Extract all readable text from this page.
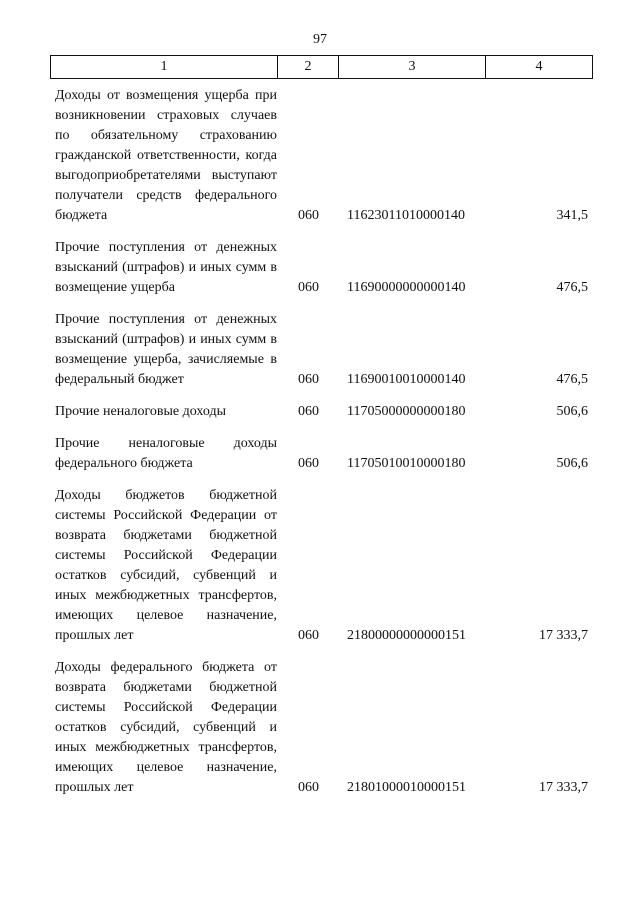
97
1	2	3	4
Доходы от возмещения ущерба при возникновении страховых случаев по обязательному страхованию гражданской ответственности, когда выгодоприобретателями выступают получатели средств федерального бюджета	060	11623011010000140	341,5
Прочие поступления от денежных взысканий (штрафов) и иных сумм в возмещение ущерба	060	11690000000000140	476,5
Прочие поступления от денежных взысканий (штрафов) и иных сумм в возмещение ущерба, зачисляемые в федеральный бюджет	060	11690010010000140	476,5
Прочие неналоговые доходы	060	11705000000000180	506,6
Прочие неналоговые доходы федерального бюджета	060	11705010010000180	506,6
Доходы бюджетов бюджетной системы Российской Федерации от возврата бюджетами бюджетной системы Российской Федерации остатков субсидий, субвенций и иных межбюджетных трансфертов, имеющих целевое назначение, прошлых лет	060	21800000000000151	17 333,7
Доходы федерального бюджета от возврата бюджетами бюджетной системы Российской Федерации остатков субсидий, субвенций и иных межбюджетных трансфертов, имеющих целевое назначение, прошлых лет	060	21801000010000151	17 333,7
